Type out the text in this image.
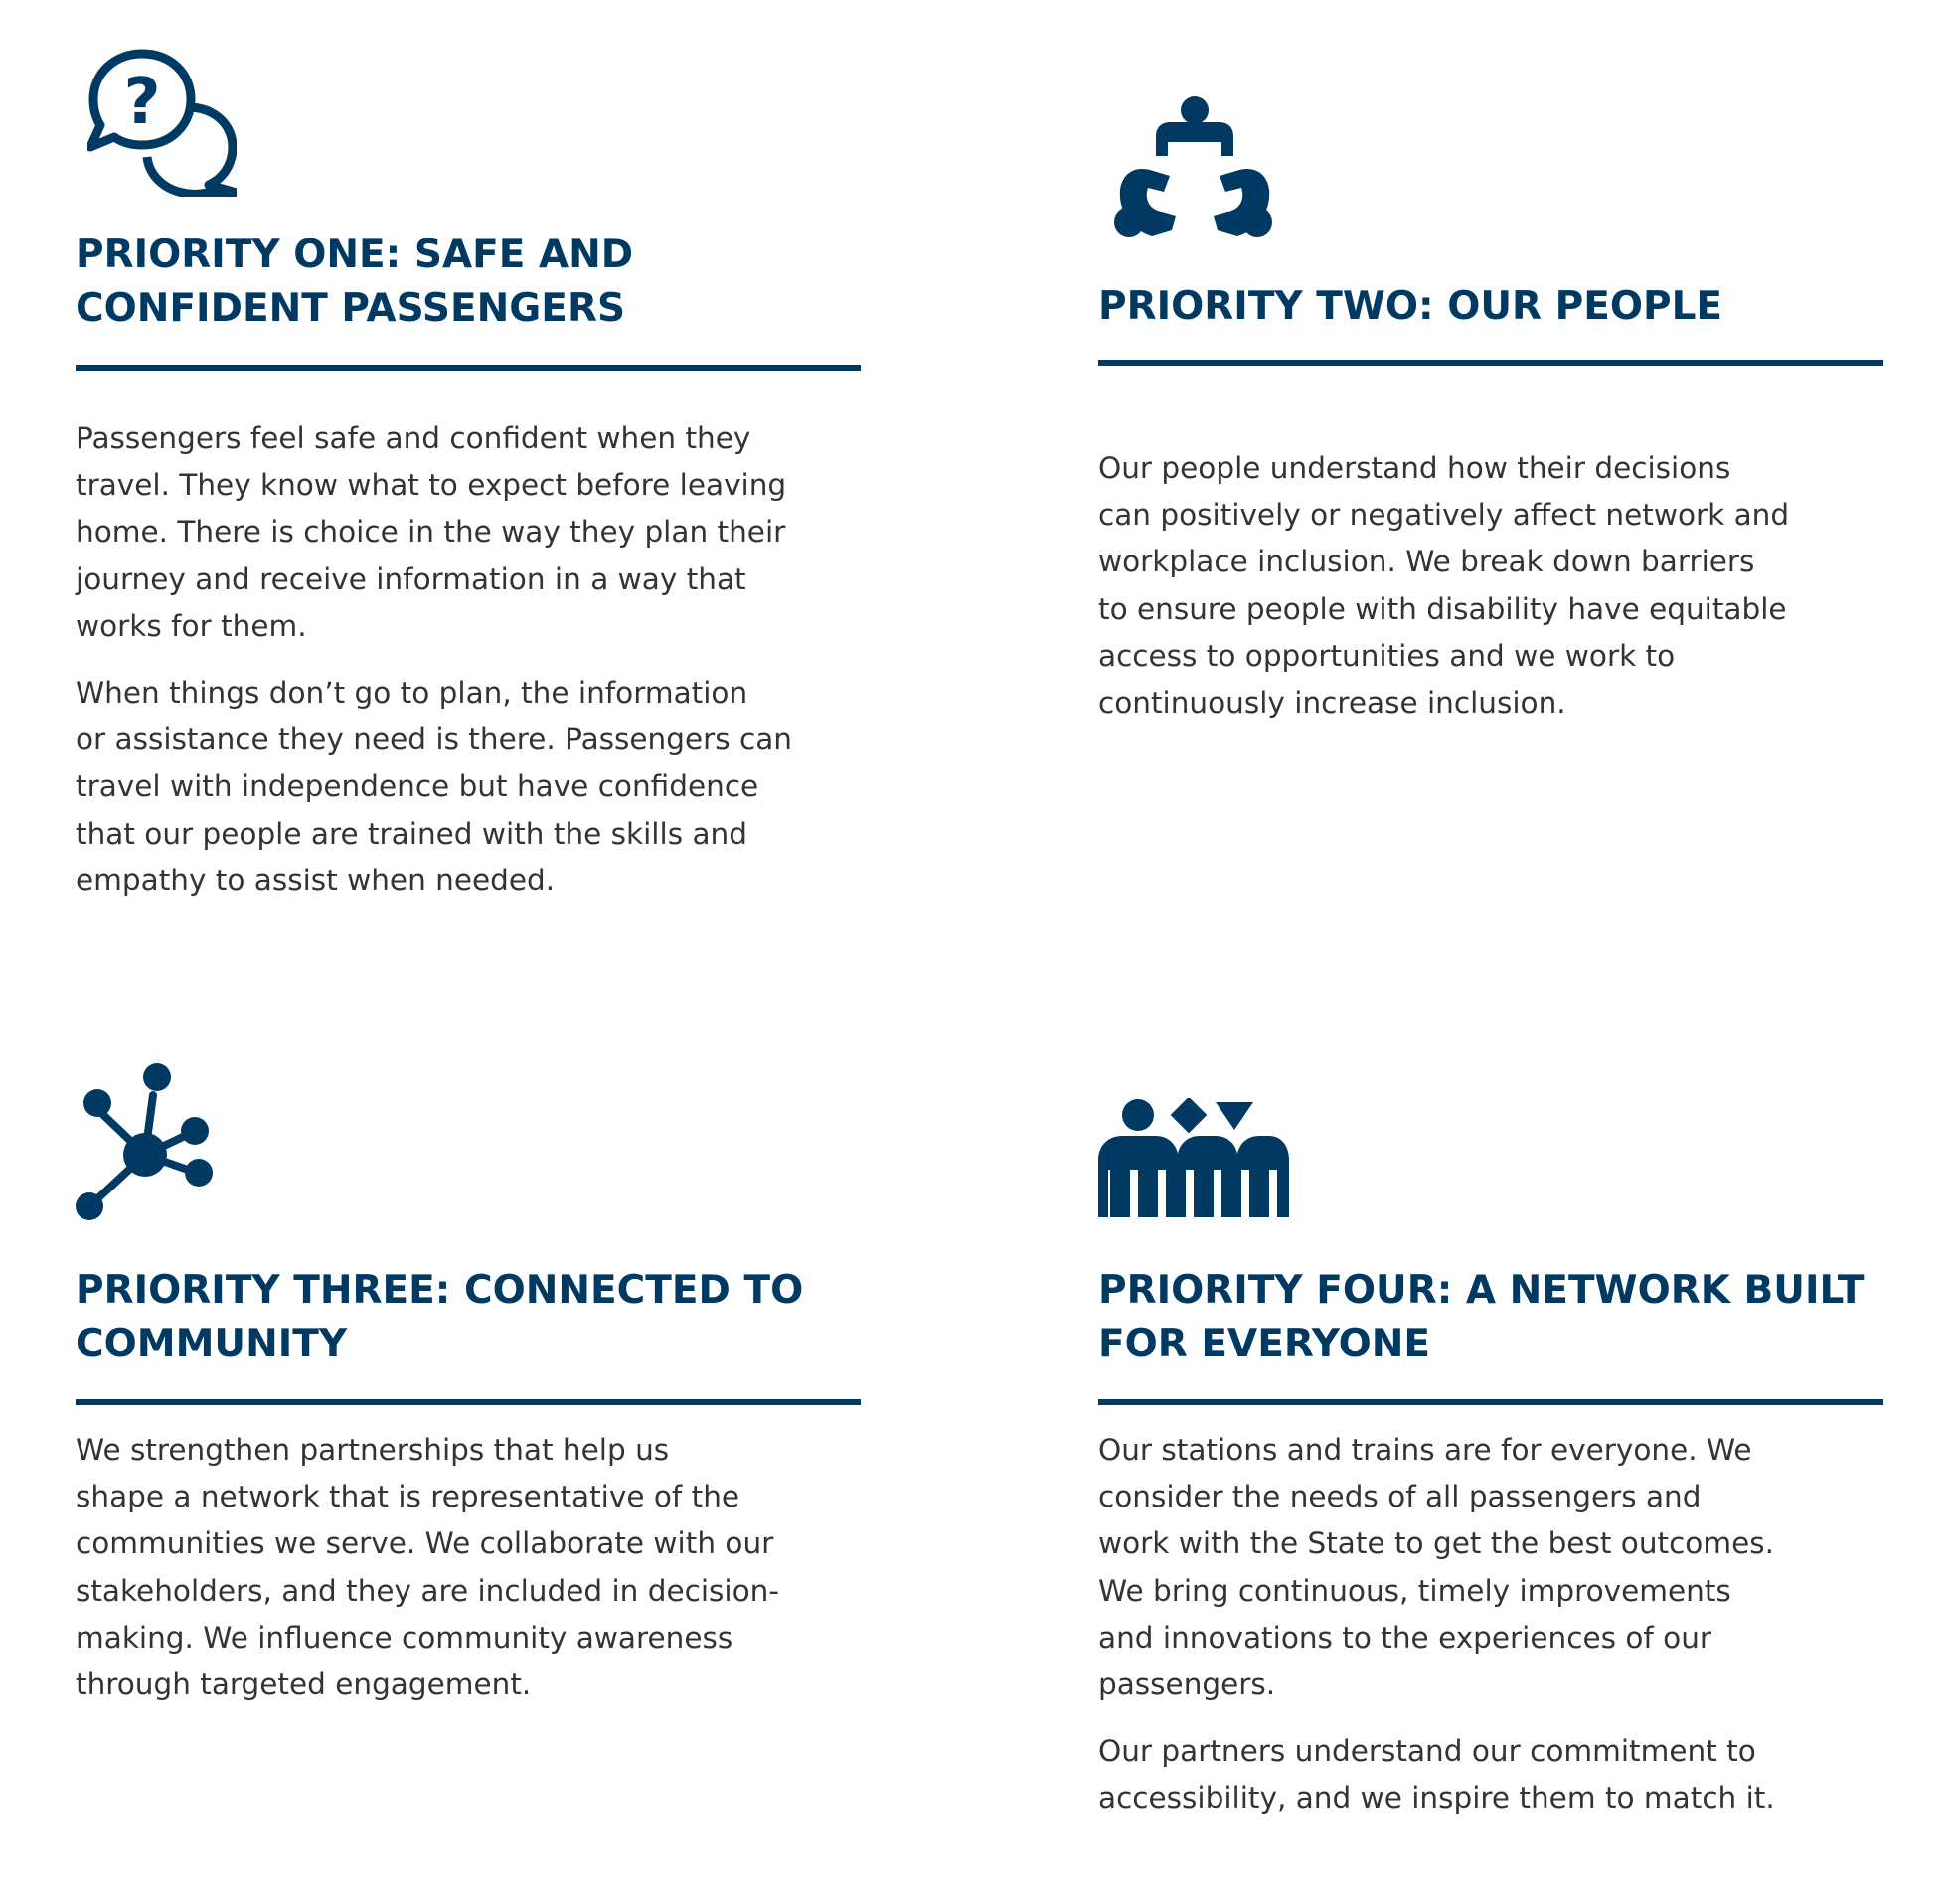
?
PRIORITY ONE: SAFE AND
CONFIDENT PASSENGERS

Passengers feel safe and confident when they
travel. They know what to expect before leaving
home. There is choice in the way they plan their
journey and receive information in a way that
works for them.

When things don’t go to plan, the information
or assistance they need is there. Passengers can
travel with independence but have confidence
that our people are trained with the skills and
empathy to assist when needed.

PRIORITY TWO: OUR PEOPLE

Our people understand how their decisions
can positively or negatively affect network and
workplace inclusion. We break down barriers
to ensure people with disability have equitable
access to opportunities and we work to
continuously increase inclusion.

PRIORITY THREE: CONNECTED TO
COMMUNITY

We strengthen partnerships that help us
shape a network that is representative of the
communities we serve. We collaborate with our
stakeholders, and they are included in decision-
making. We influence community awareness
through targeted engagement.

PRIORITY FOUR: A NETWORK BUILT
FOR EVERYONE

Our stations and trains are for everyone. We
consider the needs of all passengers and
work with the State to get the best outcomes.
We bring continuous, timely improvements
and innovations to the experiences of our
passengers.

Our partners understand our commitment to
accessibility, and we inspire them to match it.
